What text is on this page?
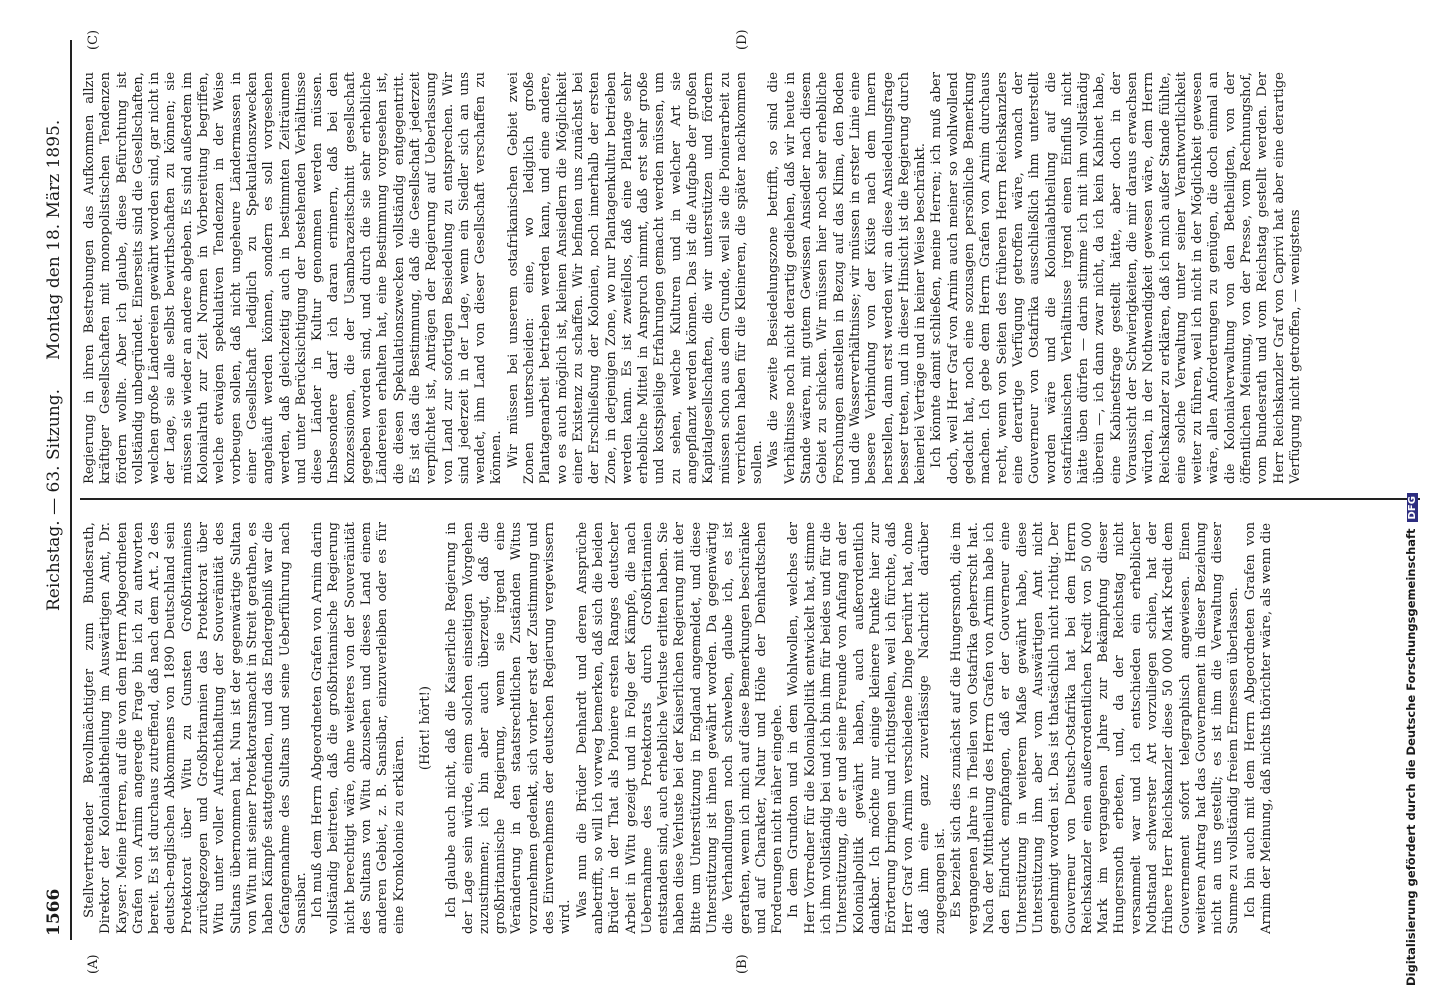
1566
Reichstag. — 63. Sitzung.
Montag den 18. März 1895.
(A)	(B)
(C)	(D)

Stellvertretender Bevollmächtigter zum Bundesrath, Direktor der Kolonialabtheilung im Auswärtigen Amt, Dr. Kayser: Meine Herren, auf die von dem Herrn Abgeordneten Grafen von Arnim angeregte Frage bin ich zu antworten bereit. Es ist durchaus zutreffend, daß nach dem Art. 2 des deutsch-englischen Abkommens von 1890 Deutschland sein Protektorat über Witu zu Gunsten Großbritanniens zurückgezogen und Großbritannien das Protektorat über Witu unter voller Aufrechthaltung der Souveränität des Sultans übernommen hat. Nun ist der gegenwärtige Sultan von Witu mit seiner Protektoratsmacht in Streit gerathen, es haben Kämpfe stattgefunden, und das Endergebniß war die Gefangennahme des Sultans und seine Ueberführung nach Sansibar. Ich muß dem Herrn Abgeordneten Grafen von Arnim darin vollständig beitreten, daß die großbritannische Regierung nicht berechtigt wäre, ohne weiteres von der Souveränität des Sultans von Witu abzusehen und dieses Land einem anderen Gebiet, z. B. Sansibar, einzuverleiben oder es für eine Kronkolonie zu erklären.

(Hört! hört!) Ich glaube auch nicht, daß die Kaiserliche Regierung in der Lage sein würde, einem solchen einseitigen Vorgehen zuzustimmen; ich bin aber auch überzeugt, daß die großbritannische Regierung, wenn sie irgend eine Veränderung in den staatsrechtlichen Zuständen Witus vorzunehmen gedenkt, sich vorher erst der Zustimmung und des Einvernehmens der deutschen Regierung vergewissern wird. Was nun die Brüder Denhardt und deren Ansprüche anbetrifft, so will ich vorweg bemerken, daß sich die beiden Brüder in der That als Pioniere ersten Ranges deutscher Arbeit in Witu gezeigt und in Folge der Kämpfe, die nach Uebernahme des Protektorats durch Großbritannien entstanden sind, auch erhebliche Verluste erlitten haben. Sie haben diese Verluste bei der Kaiserlichen Regierung mit der Bitte um Unterstützung in England angemeldet, und diese Unterstützung ist ihnen gewährt worden. Da gegenwärtig die Verhandlungen noch schweben, glaube ich, es ist gerathen, wenn ich mich auf diese Bemerkungen beschränke und auf Charakter, Natur und Höhe der Denhardtschen Forderungen nicht näher eingehe. In dem Grundton und in dem Wohlwollen, welches der Herr Vorredner für die Kolonialpolitik entwickelt hat, stimme ich ihm vollständig bei und ich bin ihm für beides und für die Unterstützung, die er und seine Freunde von Anfang an der Kolonialpolitik gewährt haben, auch außerordentlich dankbar. Ich möchte nur einige kleinere Punkte hier zur Erörterung bringen und richtigstellen, weil ich fürchte, daß Herr Graf von Arnim verschiedene Dinge berührt hat, ohne daß ihm eine ganz zuverlässige Nachricht darüber zugegangen ist. Es bezieht sich dies zunächst auf die Hungersnoth, die im vergangenen Jahre in Theilen von Ostafrika geherrscht hat. Nach der Mittheilung des Herrn Grafen von Arnim habe ich den Eindruck empfangen, daß er der Gouverneur eine Unterstützung in weiterem Maße gewährt habe, diese Unterstützung ihm aber vom Auswärtigen Amt nicht genehmigt worden ist. Das ist thatsächlich nicht richtig. Der Gouverneur von Deutsch-Ostafrika hat bei dem Herrn Reichskanzler einen außerordentlichen Kredit von 50 000 Mark im vergangenen Jahre zur Bekämpfung dieser Hungersnoth erbeten, und, da der Reichstag nicht versammelt war und ich entschieden ein erheblicher Nothstand schwerster Art vorzuliegen schien, hat der frühere Herr Reichskanzler diese 50 000 Mark Kredit dem Gouvernement sofort telegraphisch angewiesen. Einen weiteren Antrag hat das Gouvernement in dieser Beziehung nicht an uns gestellt; es ist ihm die Verwaltung dieser Summe zu vollständig freiem Ermessen überlassen. Ich bin auch mit dem Herrn Abgeordneten Grafen von Arnim der Meinung, daß nichts thörichter wäre, als wenn die

Regierung in ihren Bestrebungen das Aufkommen allzu kräftiger Gesellschaften mit monopolistischen Tendenzen fördern wollte. Aber ich glaube, diese Befürchtung ist vollständig unbegründet. Einerseits sind die Gesellschaften, welchen große Ländereien gewährt worden sind, gar nicht in der Lage, sie alle selbst bewirthschaften zu können; sie müssen sie wieder an andere abgeben. Es sind außerdem im Kolonialrath zur Zeit Normen in Vorbereitung begriffen, welche etwaigen spekulativen Tendenzen in der Weise vorbeugen sollen, daß nicht ungeheure Ländermassen in einer Gesellschaft lediglich zu Spekulationszwecken angehäuft werden können, sondern es soll vorgesehen werden, daß gleichzeitig auch in bestimmten Zeiträumen und unter Berücksichtigung der bestehenden Verhältnisse diese Länder in Kultur genommen werden müssen. Insbesondere darf ich daran erinnern, daß bei den Konzessionen, die der Usambarazeitschnitt gesellschaft gegeben worden sind, und durch die sie sehr erhebliche Ländereien erhalten hat, eine Bestimmung vorgesehen ist, die diesen Spekulationszwecken vollständig entgegentritt. Es ist das die Bestimmung, daß die Gesellschaft jederzeit verpflichtet ist, Anträgen der Regierung auf Ueberlassung von Land zur sofortigen Besiedelung zu entsprechen. Wir sind jederzeit in der Lage, wenn ein Siedler sich an uns wendet, ihm Land von dieser Gesellschaft verschaffen zu können. Wir müssen bei unserem ostafrikanischen Gebiet zwei Zonen unterscheiden: eine, wo lediglich große Plantagenarbeit betrieben werden kann, und eine andere, wo es auch möglich ist, kleinen Ansiedlern die Möglichkeit einer Existenz zu schaffen. Wir befinden uns zunächst bei der Erschließung der Kolonien, noch innerhalb der ersten Zone, in derjenigen Zone, wo nur Plantagenkultur betrieben werden kann. Es ist zweifellos, daß eine Plantage sehr erhebliche Mittel in Anspruch nimmt, daß erst sehr große und kostspielige Erfahrungen gemacht werden müssen, um zu sehen, welche Kulturen und in welcher Art sie angepflanzt werden können. Das ist die Aufgabe der großen Kapitalgesellschaften, die wir unterstützen und fördern müssen schon aus dem Grunde, weil sie die Pionierarbeit zu verrichten haben für die Kleineren, die später nachkommen sollen. Was die zweite Besiedelungszone betrifft, so sind die Verhältnisse noch nicht derartig gediehen, daß wir heute in Stande wären, mit gutem Gewissen Ansiedler nach diesem Gebiet zu schicken. Wir müssen hier noch sehr erhebliche Forschungen anstellen in Bezug auf das Klima, den Boden und die Wasserverhältnisse; wir müssen in erster Linie eine bessere Verbindung von der Küste nach dem Innern herstellen, dann erst werden wir an diese Ansiedelungsfrage besser treten, und in dieser Hinsicht ist die Regierung durch keinerlei Verträge und in keiner Weise beschränkt. Ich könnte damit schließen, meine Herren; ich muß aber doch, weil Herr Graf von Arnim auch meiner so wohlwollend gedacht hat, noch eine sozusagen persönliche Bemerkung machen. Ich gebe dem Herrn Grafen von Arnim durchaus recht, wenn von Seiten des früheren Herrn Reichskanzlers eine derartige Verfügung getroffen wäre, wonach der Gouverneur von Ostafrika ausschließlich ihm unterstellt worden wäre und die Kolonialabtheilung auf die ostafrikanischen Verhältnisse irgend einen Einfluß nicht hätte üben dürfen — darin stimme ich mit ihm vollständig überein —, ich dann zwar nicht, da ich kein Kabinet habe, eine Kabinetsfrage gestellt hätte, aber doch in der Voraussicht der Schwierigkeiten, die mir daraus erwachsen würden, in der Nothwendigkeit gewesen wäre, dem Herrn Reichskanzler zu erklären, daß ich mich außer Stande fühlte, eine solche Verwaltung unter seiner Verantwortlichkeit weiter zu führen, weil ich nicht in der Möglichkeit gewesen wäre, allen Anforderungen zu genügen, die doch einmal an die Kolonialverwaltung von den Betheiligten, von der öffentlichen Meinung, von der Presse, vom Rechnungshof, vom Bundesrath und vom Reichstag gestellt werden. Der Herr Reichskanzler Graf von Caprivi hat aber eine derartige Verfügung nicht getroffen, — wenigstens

Digitalisierung gefördert durch die Deutsche ForschungsgemeinschaftDFG
